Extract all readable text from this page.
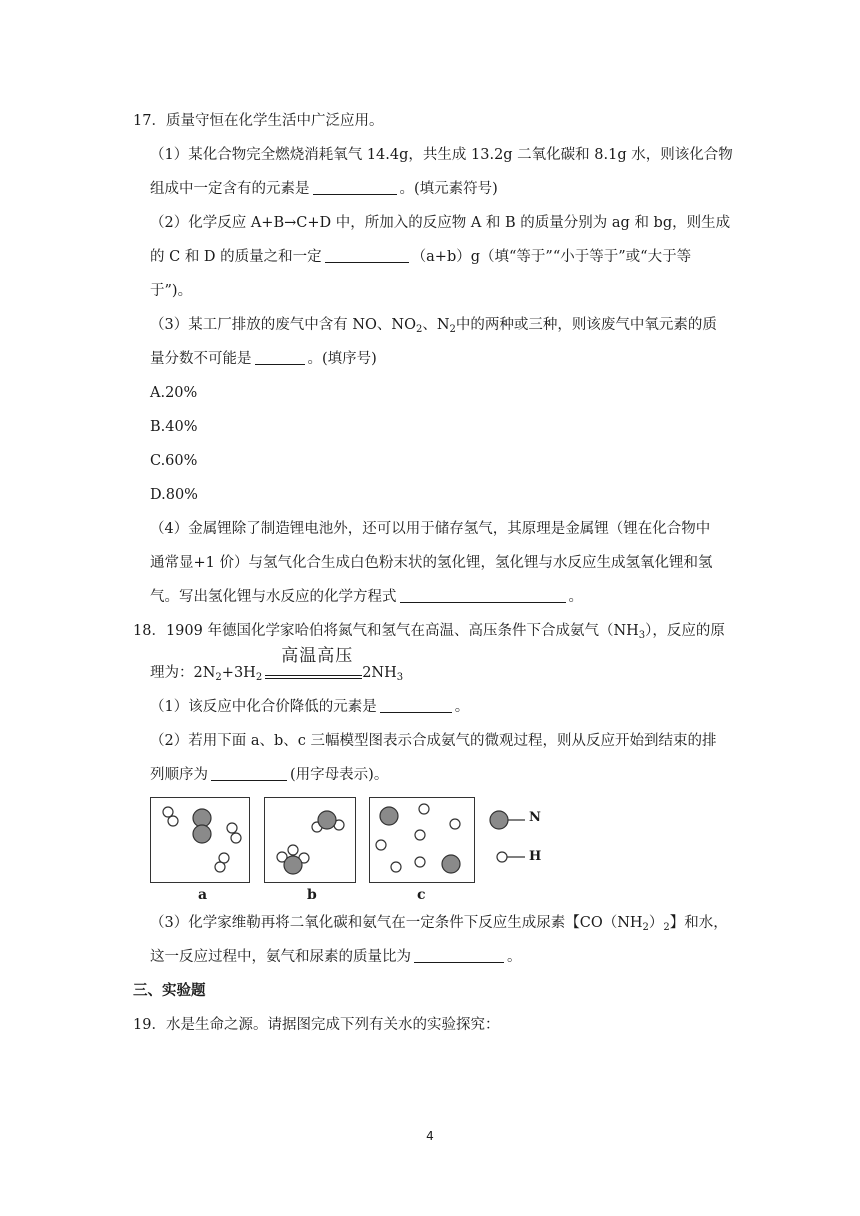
17．质量守恒在化学生活中广泛应用。
（1）某化合物完全燃烧消耗氧气 14.4g，共生成 13.2g 二氧化碳和 8.1g 水，则该化合物
组成中一定含有的元素是	。(填元素符号)
（2）化学反应 A+B→C+D 中，所加入的反应物 A 和 B 的质量分别为 ag 和 bg，则生成
的 C 和 D 的质量之和一定	（a+b）g（填“等于”“小于等于”或“大于等
于”)。
（3）某工厂排放的废气中含有 NO、$NO_2$、$N_2$中的两种或三种，则该废气中氧元素的质
量分数不可能是	。(填序号)
A.20%
B.40%
C.60%
D.80%
（4）金属锂除了制造锂电池外，还可以用于储存氢气，其原理是金属锂（锂在化合物中
通常显+1 价）与氢气化合生成白色粉末状的氢化锂，氢化锂与水反应生成氢氧化锂和氢
气。写出氢化锂与水反应的化学方程式	。
18．1909 年德国化学家哈伯将氮气和氢气在高温、高压条件下合成氨气$(NH_3)$，反应的原
理为：$2N_2+3H_2$
高温高压
$2NH_3$
（1）该反应中化合价降低的元素是	。
（2）若用下面 a、b、c 三幅模型图表示合成氨气的微观过程，则从反应开始到结束的排
列顺序为	(用字母表示)。
a	b	c
N
H
（3）化学家维勒再将二氧化碳和氨气在一定条件下反应生成尿素【$CO(NH_2)_2$】和水，
这一反应过程中，氨气和尿素的质量比为	。
三、实验题
19．水是生命之源。请据图完成下列有关水的实验探究：
4
